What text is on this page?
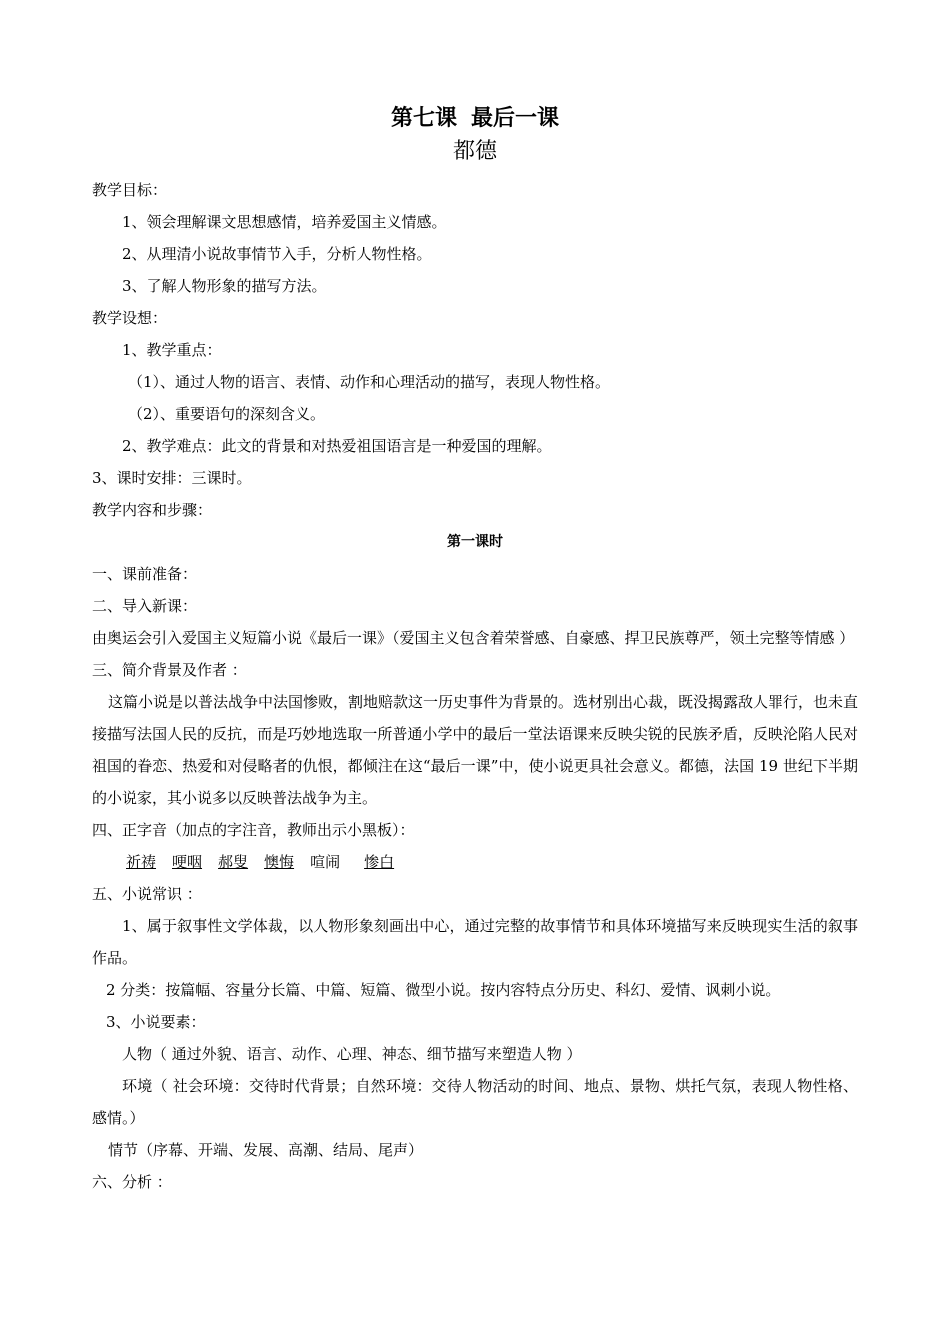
第七课 最后一课

都德

教学目标：

1、领会理解课文思想感情，培养爱国主义情感。

2、从理清小说故事情节入手，分析人物性格。

3、了解人物形象的描写方法。

教学设想：

1、教学重点：

（1）、通过人物的语言、表情、动作和心理活动的描写，表现人物性格。

（2）、重要语句的深刻含义。

2、教学难点：此文的背景和对热爱祖国语言是一种爱国的理解。

3、课时安排：三课时。

教学内容和步骤：

第一课时

一、课前准备：

二、导入新课：

由奥运会引入爱国主义短篇小说《最后一课》（爱国主义包含着荣誉感、自豪感、捍卫民族尊严，领土完整等情感 ）

三、简介背景及作者 ：

这篇小说是以普法战争中法国惨败，割地赔款这一历史事件为背景的。选材别出心裁，既没揭露敌人罪行，也未直接描写法国人民的反抗，而是巧妙地选取一所普通小学中的最后一堂法语课来反映尖锐的民族矛盾，反映沦陷人民对祖国的眷恋、热爱和对侵略者的仇恨，都倾注在这“最后一课”中，使小说更具社会意义。都德，法国 19 世纪下半期的小说家，其小说多以反映普法战争为主。

四、正字音（加点的字注音，教师出示小黑板）：

祈祷 哽咽 郝叟 懊悔 喧闹 惨白

五、小说常识 ：

1、属于叙事性文学体裁，以人物形象刻画出中心，通过完整的故事情节和具体环境描写来反映现实生活的叙事作品。

2 分类：按篇幅、容量分长篇、中篇、短篇、微型小说。按内容特点分历史、科幻、爱情、讽刺小说。

3、小说要素：

人物（ 通过外貌、语言、动作、心理、神态、细节描写来塑造人物 ）

环境（ 社会环境：交待时代背景；自然环境：交待人物活动的时间、地点、景物、烘托气氛，表现人物性格、感情。）

情节（序幕、开端、发展、高潮、结局、尾声）

六、分析 ：
